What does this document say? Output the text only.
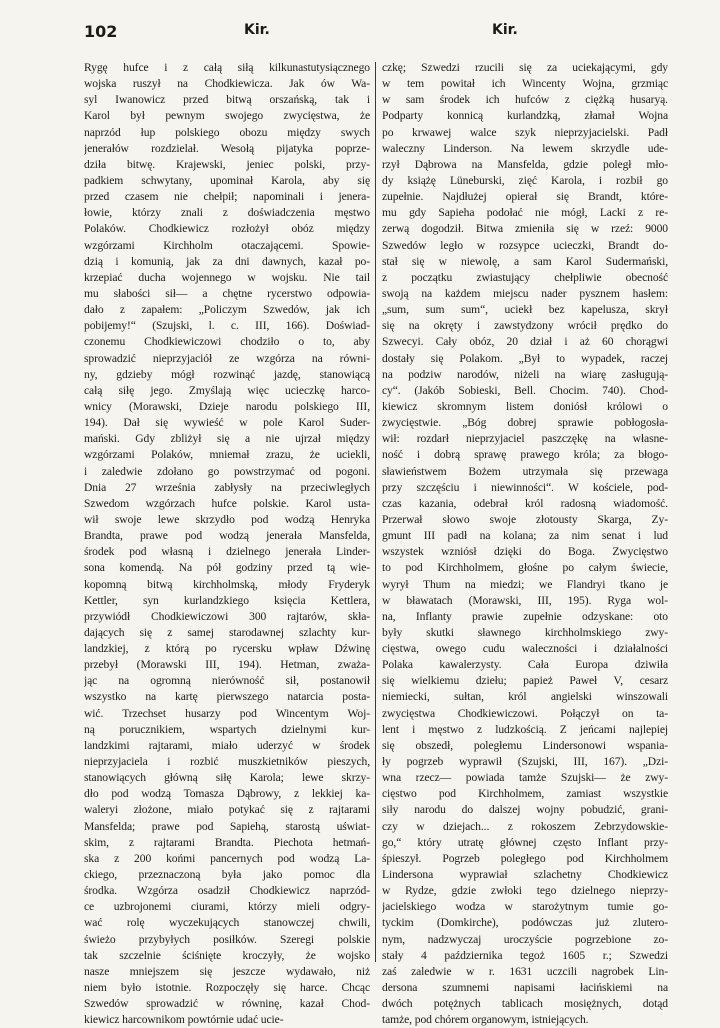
102	Kir.	Kir.
Rygę hufce i z całą siłą kilkunastutysiącznego
wojska ruszył na Chodkiewicza. Jak ów Wa-
syl Iwanowicz przed bitwą orszańską, tak i
Karol był pewnym swojego zwycięstwa, że
naprzód łup polskiego obozu między swych
jenerałów rozdzielał. Wesołą pijatyka poprze-
dziła bitwę. Krajewski, jeniec polski, przy-
padkiem schwytany, upominał Karola, aby się
przed czasem nie chełpił; napominali i jenera-
łowie, którzy znali z doświadczenia męstwo
Polaków. Chodkiewicz rozłożył obóz między
wzgórzami Kirchholm otaczającemi. Spowie-
dzią i komunią, jak za dni dawnych, kazał po-
krzepiać ducha wojennego w wojsku. Nie tail
mu słabości sił— a chętne rycerstwo odpowia-
dało z zapałem: „Policzym Szwedów, jak ich
pobijemy!“ (Szujski, l. c. III, 166). Doświad-
czonemu Chodkiewiczowi chodziło o to, aby
sprowadzić nieprzyjaciół ze wzgórza na równi-
ny, gdzieby mógł rozwinąć jazdę, stanowiącą
całą siłę jego. Zmyślają więc ucieczkę harco-
wnicy (Morawski, Dzieje narodu polskiego III,
194). Dał się wywieść w pole Karol Suder-
mański. Gdy zbliżył się a nie ujrzał między
wzgórzami Polaków, mniemał zrazu, że uciekli,
i zaledwie zdołano go powstrzymać od pogoni.
Dnia 27 września zabłysły na przeciwległych
Szwedom wzgórzach hufce polskie. Karol usta-
wił swoje lewe skrzydło pod wodzą Henryka
Brandta, prawe pod wodzą jenerała Mansfelda,
środek pod własną i dzielnego jenerała Linder-
sona komendą. Na pół godziny przed tą wie-
kopomną bitwą kirchholmską, młody Fryderyk
Kettler, syn kurlandzkiego księcia Kettlera,
przywiódł Chodkiewiczowi 300 rajtarów, skła-
dających się z samej starodawnej szlachty kur-
landzkiej, z którą po rycersku wpław Dźwinę
przebył (Morawski III, 194). Hetman, zważa-
jąc na ogromną nierówność sił, postanowił
wszystko na kartę pierwszego natarcia posta-
wić. Trzechset husarzy pod Wincentym Woj-
ną porucznikiem, wspartych dzielnymi kur-
landzkimi rajtarami, miało uderzyć w środek
nieprzyjaciela i rozbić muszkietników pieszych,
stanowiących główną siłę Karola; lewe skrzy-
dło pod wodzą Tomasza Dąbrowy, z lekkiej ka-
waleryi złożone, miało potykać się z rajtarami
Mansfelda; prawe pod Sapiehą, starostą uświat-
skim, z rajtarami Brandta. Piechota hetmań-
ska z 200 końmi pancernych pod wodzą La-
ckiego, przeznaczoną była jako pomoc dla
środka. Wzgórza osadził Chodkiewicz naprzód-
ce uzbrojonemi ciurami, którzy mieli odgry-
wać rolę wyczekujących stanowczej chwili,
świeżo przybyłych posiłków. Szeregi polskie
tak szczelnie ściśnięte kroczyły, że wojsko
nasze mniejszem się jeszcze wydawało, niż
niem było istotnie. Rozpoczęły się harce. Chcąc
Szwedów sprowadzić w równinę, kazał Chod-
kiewicz harcownikom powtórnie udać ucie-
czkę; Szwedzi rzucili się za uciekającymi, gdy
w tem powitał ich Wincenty Wojna, grzmiąc
w sam środek ich hufców z ciężką husaryą.
Podparty konnicą kurlandzką, złamał Wojna
po krwawej walce szyk nieprzyjacielski. Padł
waleczny Linderson. Na lewem skrzydle ude-
rzył Dąbrowa na Mansfelda, gdzie poległ mło-
dy książę Lüneburski, zięć Karola, i rozbił go
zupełnie. Najdłużej opierał się Brandt, które-
mu gdy Sapieha podołać nie mógł, Lacki z re-
zerwą dogodził. Bitwa zmieniła się w rzeź: 9000
Szwedów legło w rozsypce ucieczki, Brandt do-
stał się w niewolę, a sam Karol Sudermański,
z początku zwiastujący chełpliwie obecność
swoją na każdem miejscu nader pysznem hasłem:
„sum, sum sum“, uciekł bez kapelusza, skrył
się na okręty i zawstydzony wrócił prędko do
Szwecyi. Cały obóz, 20 dział i aż 60 chorągwi
dostały się Polakom. „Był to wypadek, raczej
na podziw narodów, niżeli na wiarę zasługują-
cy“. (Jakób Sobieski, Bell. Chocim. 740). Chod-
kiewicz skromnym listem doniósł królowi o
zwycięstwie. „Bóg dobrej sprawie pobłogosła-
wił: rozdarł nieprzyjaciel paszczękę na własne-
ność i dobrą sprawę prawego króla; za błogo-
sławieństwem Bożem utrzymała się przewaga
przy szczęściu i niewinności“. W kościele, pod-
czas kazania, odebrał król radosną wiadomość.
Przerwał słowo swoje złotousty Skarga, Zy-
gmunt III padł na kolana; za nim senat i lud
wszystek wzniósł dzięki do Boga. Zwycięstwo
to pod Kirchholmem, głośne po całym świecie,
wyrył Thum na miedzi; we Flandryi tkano je
w bławatach (Morawski, III, 195). Ryga wol-
na, Inflanty prawie zupełnie odzyskane: oto
były skutki sławnego kirchholmskiego zwy-
cięstwa, owego cudu waleczności i działalności
Polaka kawalerzysty. Cała Europa dziwiła
się wielkiemu dziełu; papież Paweł V, cesarz
niemiecki, sułtan, król angielski winszowali
zwycięstwa Chodkiewiczowi. Połączył on ta-
lent i męstwo z ludzkością. Z jeńcami najlepiej
się obszedł, poległemu Lindersonowi wspania-
ły pogrzeb wyprawił (Szujski, III, 167). „Dzi-
wna rzecz— powiada tamże Szujski— że zwy-
cięstwo pod Kirchholmem, zamiast wszystkie
siły narodu do dalszej wojny pobudzić, grani-
czy w dziejach... z rokoszem Zebrzydowskie-
go,“ który utratę głównej często Inflant przy-
śpieszył. Pogrzeb poległego pod Kirchholmem
Lindersona wyprawiał szlachetny Chodkiewicz
w Rydze, gdzie zwłoki tego dzielnego nieprzy-
jacielskiego wodza w starożytnym tumie go-
tyckim (Domkirche), podówczas już zlutero-
nym, nadzwyczaj uroczyście pogrzebione zo-
stały 4 października tegoż 1605 r.; Szwedzi
zaś zaledwie w r. 1631 uczcili nagrobek Lin-
dersona szumnemi napisami łacińskiemi na
dwóch potężnych tablicach mosiężnych, dotąd
tamże, pod chórem organowym, istniejących.
